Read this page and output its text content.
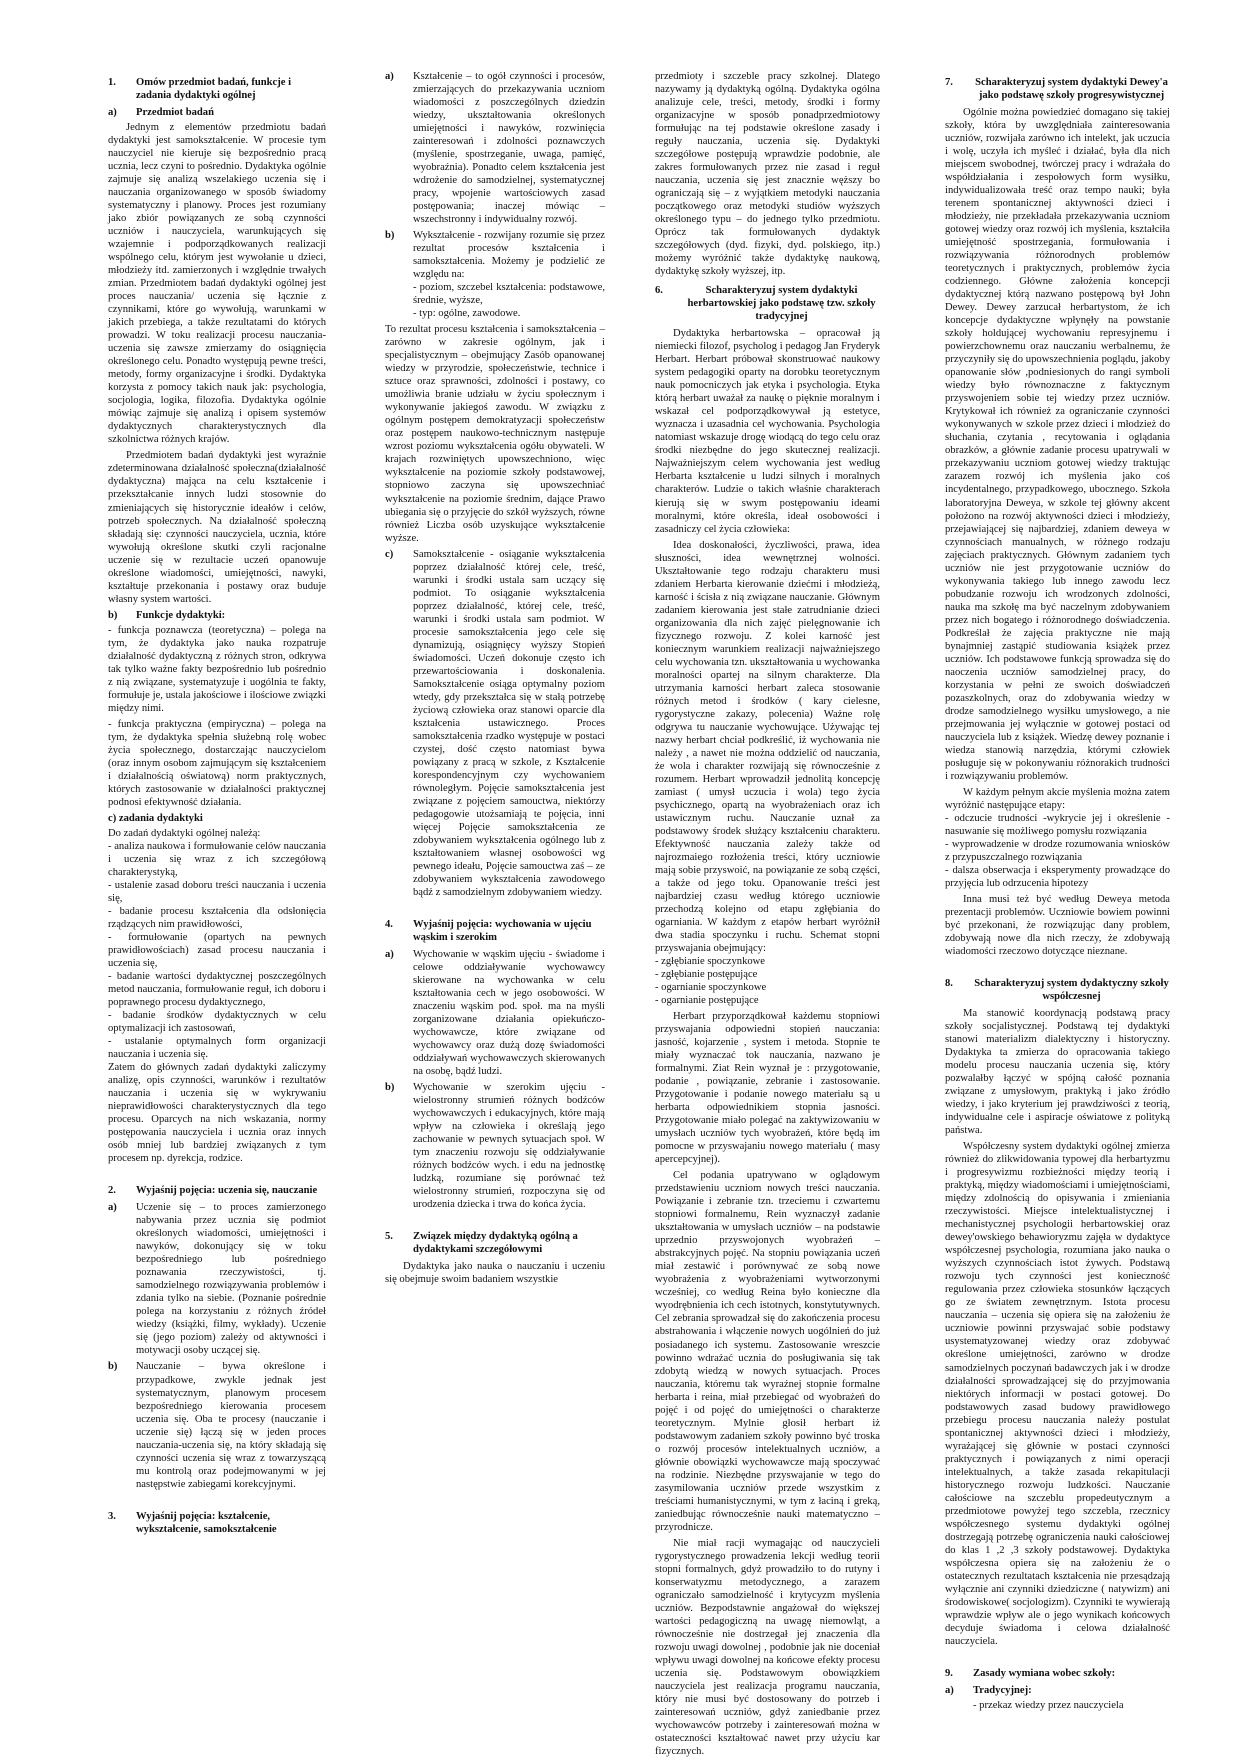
1.	Omów przedmiot badań, funkcje i zadania dydaktyki ogólnej
a)	Przedmiot badań

Jednym z elementów przedmiotu badań dydaktyki jest samokształcenie. W procesie tym nauczyciel nie kieruje się bezpośrednio pracą ucznia, lecz czyni to pośrednio. Dydaktyka ogólnie zajmuje się analizą wszelakiego uczenia się i nauczania organizowanego w sposób świadomy systematyczny i planowy. Proces jest rozumiany jako zbiór powiązanych ze sobą czynności uczniów i nauczyciela, warunkujących się wzajemnie i podporządkowanych realizacji wspólnego celu, którym jest wywołanie u dzieci, młodzieży itd. zamierzonych i względnie trwałych zmian. Przedmiotem badań dydaktyki ogólnej jest proces nauczania/ uczenia się łącznie z czynnikami, które go wywołują, warunkami w jakich przebiega, a także rezultatami do których prowadzi. W toku realizacji procesu nauczania- uczenia się zawsze zmierzamy do osiągnięcia określonego celu. Ponadto występują pewne treści, metody, formy organizacyjne i środki. Dydaktyka korzysta z pomocy takich nauk jak: psychologia, socjologia, logika, filozofia. Dydaktyka ogólnie mówiąc zajmuje się analizą i opisem systemów dydaktycznych charakterystycznych dla szkolnictwa różnych krajów.

Przedmiotem badań dydaktyki jest wyraźnie zdeterminowana działalność społeczna(działalność dydaktyczna) mająca na celu kształcenie i przekształcanie innych ludzi stosownie do zmieniających się historycznie ideałów i celów, potrzeb społecznych. Na działalność społeczną składają się: czynności nauczyciela, ucznia, które wywołują określone skutki czyli racjonalne uczenie się w rezultacie uczeń opanowuje określone wiadomości, umiejętności, nawyki, kształtuje przekonania i postawy oraz buduje własny system wartości.

b)	Funkcje dydaktyki:

- funkcja poznawcza (teoretyczna) – polega na tym, że dydaktyka jako nauka rozpatruje działalność dydaktyczną z różnych stron, odkrywa tak tylko ważne fakty bezpośrednio lub pośrednio z nią związane, systematyzuje i uogólnia te fakty, formułuje je, ustala jakościowe i ilościowe związki między nimi.

- funkcja praktyczna (empiryczna) – polega na tym, że dydaktyka spełnia służebną rolę wobec życia społecznego, dostarczając nauczycielom (oraz innym osobom zajmującym się kształceniem i działalnością oświatową) norm praktycznych, których zastosowanie w działalności praktycznej podnosi efektywność działania.

c) zadania dydaktyki

Do zadań dydaktyki ogólnej należą:
- analiza naukowa i formułowanie celów nauczania i uczenia się wraz z ich szczegółową charakterystyką,
- ustalenie zasad doboru treści nauczania i uczenia się,
- badanie procesu kształcenia dla odsłonięcia rządzących nim prawidłowości,
- formułowanie (opartych na pewnych prawidłowościach) zasad procesu nauczania i uczenia się,
- badanie wartości dydaktycznej poszczególnych metod nauczania, formułowanie reguł, ich doboru i poprawnego procesu dydaktycznego,
- badanie środków dydaktycznych w celu optymalizacji ich zastosowań,
- ustalanie optymalnych form organizacji nauczania i uczenia się.
Zatem do głównych zadań dydaktyki zaliczymy analizę, opis czynności, warunków i rezultatów nauczania i uczenia się w wykrywaniu nieprawidłowości charakterystycznych dla tego procesu. Oparcych na nich wskazania, normy postępowania nauczyciela i ucznia oraz innych osób mniej lub bardziej związanych z tym procesem np. dyrekcja, rodzice.

2.	Wyjaśnij pojęcia: uczenia się, nauczanie
a)	Uczenie się – to proces zamierzonego nabywania przez ucznia się podmiot określonych wiadomości, umiejętności i nawyków, dokonujący się w toku bezpośredniego lub pośredniego poznawania rzeczywistości, tj. samodzielnego rozwiązywania problemów i zdania tylko na siebie. (Poznanie pośrednie polega na korzystaniu z różnych źródeł wiedzy (książki, filmy, wykłady). Uczenie się (jego poziom) zależy od aktywności i motywacji osoby uczącej się.
b)	Nauczanie – bywa określone i przypadkowe, zwykle jednak jest systematycznym, planowym procesem bezpośredniego kierowania procesem uczenia się. Oba te procesy (nauczanie i uczenie się) łączą się w jeden proces nauczania-uczenia się, na który składają się czynności uczenia się wraz z towarzyszącą mu kontrolą oraz podejmowanymi w jej następstwie zabiegami korekcyjnymi.
3.	Wyjaśnij pojęcia: kształcenie, wykształcenie, samokształcenie
a)	Kształcenie – to ogół czynności i procesów, zmierzających do przekazywania uczniom wiadomości z poszczególnych dziedzin wiedzy, ukształtowania określonych umiejętności i nawyków, rozwinięcia zainteresowań i zdolności poznawczych (myślenie, spostrzeganie, uwaga, pamięć, wyobraźnia). Ponadto celem kształcenia jest wdrożenie do samodzielnej, systematycznej pracy, wpojenie wartościowych zasad postępowania; inaczej mówiąc – wszechstronny i indywidualny rozwój.
b)	Wykształcenie - rozwijany rozumie się przez rezultat procesów kształcenia i samokształcenia. Możemy je podzielić ze względu na:
- poziom, szczebel kształcenia: podstawowe, średnie, wyższe,
- typ: ogólne, zawodowe.

To rezultat procesu kształcenia i samokształcenia – zarówno w zakresie ogólnym, jak i specjalistycznym – obejmujący Zasób opanowanej wiedzy w przyrodzie, społeczeństwie, technice i sztuce oraz sprawności, zdolności i postawy, co umożliwia branie udziału w życiu społecznym i wykonywanie jakiegoś zawodu. W związku z ogólnym postępem demokratyzacji społeczeństw oraz postępem naukowo-technicznym następuje wzrost poziomu wykształcenia ogółu obywateli. W krajach rozwiniętych upowszechniono, więc wykształcenie na poziomie szkoły podstawowej, stopniowo zaczyna się upowszechniać wykształcenie na poziomie średnim, dające Prawo ubiegania się o przyjęcie do szkół wyższych, równe również Liczba osób uzyskujące wykształcenie wyższe.

c)	Samokształcenie - osiąganie wykształcenia poprzez działalność której cele, treść, warunki i środki ustala sam uczący się podmiot. To osiąganie wykształcenia poprzez działalność, której cele, treść, warunki i środki ustala sam podmiot. W procesie samokształcenia jego cele się dynamizują, osiągnięcy wyższy Stopień świadomości. Uczeń dokonuje często ich przewartościowania i doskonalenia. Samokształcenie osiąga optymalny poziom wtedy, gdy przekształca się w stałą potrzebę życiową człowieka oraz stanowi oparcie dla kształcenia ustawicznego. Proces samokształcenia rzadko występuje w postaci czystej, dość często natomiast bywa powiązany z pracą w szkole, z Kształcenie korespondencyjnym czy wychowaniem równoległym. Pojęcie samokształcenia jest związane z pojęciem samouctwa, niektórzy pedagogowie utożsamiają te pojęcia, inni więcej Pojęcie samokształcenia ze zdobywaniem wykształcenia ogólnego lub z kształtowaniem własnej osobowości wg pewnego ideału, Pojęcie samouctwa zaś – ze zdobywaniem wykształcenia zawodowego bądź z samodzielnym zdobywaniem wiedzy.
4.	Wyjaśnij pojęcia: wychowania w ujęciu wąskim i szerokim
a)	Wychowanie w wąskim ujęciu - świadome i celowe oddziaływanie wychowawcy skierowane na wychowanka w celu kształtowania cech w jego osobowości. W znaczeniu wąskim pod. społ. ma na myśli zorganizowane działania opiekuńczo-wychowawcze, które związane od wychowawcy oraz dużą dozę świadomości oddziaływań wychowawczych skierowanych na osobę, bądź ludzi.
b)	Wychowanie w szerokim ujęciu - wielostronny strumień różnych bodźców wychowawczych i edukacyjnych, które mają wpływ na człowieka i określają jego zachowanie w pewnych sytuacjach społ. W tym znaczeniu rozwoju się oddziaływanie różnych bodźców wych. i edu na jednostkę ludzką, rozumiane się porównać też wielostronny strumień, rozpoczyna się od urodzenia dziecka i trwa do końca życia.
5.	Związek między dydaktyką ogólną a dydaktykami szczegółowymi

Dydaktyka jako nauka o nauczaniu i uczeniu się obejmuje swoim badaniem wszystkie

przedmioty i szczeble pracy szkolnej. Dlatego nazywamy ją dydaktyką ogólną. Dydaktyka ogólna analizuje cele, treści, metody, środki i formy organizacyjne w sposób ponadprzedmiotowy formułując na tej podstawie określone zasady i reguły nauczania, uczenia się. Dydaktyki szczegółowe postępują wprawdzie podobnie, ale zakres formułowanych przez nie zasad i reguł nauczania, uczenia się jest znacznie węższy bo ograniczają się – z wyjątkiem metodyki nauczania początkowego oraz metodyki studiów wyższych określonego typu – do jednego tylko przedmiotu. Oprócz tak formułowanych dydaktyk szczegółowych (dyd. fizyki, dyd. polskiego, itp.) możemy wyróżnić także dydaktykę naukową, dydaktykę szkoły wyższej, itp.

6.	Scharakteryzuj system dydaktyki herbartowskiej jako podstawę tzw. szkoły tradycyjnej

Dydaktyka herbartowska – opracował ją niemiecki filozof, psycholog i pedagog Jan Fryderyk Herbart. Herbart próbował skonstruować naukowy system pedagogiki oparty na dorobku teoretycznym nauk pomocniczych jak etyka i psychologia. Etyka którą herbart uważał za naukę o pięknie moralnym i wskazał cel podporządkowywał ją estetyce, wyznacza i uzasadnia cel wychowania. Psychologia natomiast wskazuje drogę wiodącą do tego celu oraz środki niezbędne do jego skutecznej realizacji. Najważniejszym celem wychowania jest według Herbarta kształcenie u ludzi silnych i moralnych charakterów. Ludzie o takich właśnie charakterach kierują się w swym postępowaniu ideami moralnymi, które określa, ideał osobowości i zasadniczy cel życia człowieka:

Idea doskonałości, życzliwości, prawa, idea słuszności, idea wewnętrznej wolności. Ukształtowanie tego rodzaju charakteru musi zdaniem Herbarta kierowanie dziećmi i młodzieżą, karność i ścisła z nią związane nauczanie. Głównym zadaniem kierowania jest stałe zatrudnianie dzieci organizowania dla nich zajęć pielęgnowanie ich fizycznego rozwoju. Z kolei karność jest koniecznym warunkiem realizacji najważniejszego celu wychowania tzn. ukształtowania u wychowanka moralności opartej na silnym charakterze. Dla utrzymania karności herbart zaleca stosowanie różnych metod i środków ( kary cielesne, rygorystyczne zakazy, polecenia) Ważne rolę odgrywa tu nauczanie wychowujące. Używając tej nazwy herbart chciał podkreślić, iż wychowania nie należy , a nawet nie można oddzielić od nauczania, że wola i charakter rozwijają się równocześnie z rozumem. Herbart wprowadził jednolitą koncepcję zamiast ( umysł uczucia i wola) tego życia psychicznego, opartą na wyobrażeniach oraz ich ustawicznym ruchu. Nauczanie uznał za podstawowy środek służący kształceniu charakteru. Efektywność nauczania zależy także od najrozmaiego rozłożenia treści, który uczniowie mają sobie przyswoić, na powiązanie ze sobą części, a także od jego toku. Opanowanie treści jest najbardziej czasu według którego uczniowie przechodzą kolejno od etapu zgłębiania do ogarniania. W każdym z etapów herbart wyróżnił dwa stadia spoczynku i ruchu. Schemat stopni przyswajania obejmujący:
- zgłębianie spoczynkowe
- zgłębianie postępujące
- ogarnianie spoczynkowe
- ogarnianie postępujące

Herbart przyporządkował każdemu stopniowi przyswajania odpowiedni stopień nauczania: jasność, kojarzenie , system i metoda. Stopnie te miały wyznaczać tok nauczania, nazwano je formalnymi. Ziat Rein wyznał je : przygotowanie, podanie , powiązanie, zebranie i zastosowanie. Przygotowanie i podanie nowego materiału są u herbarta odpowiednikiem stopnia jasności. Przygotowanie miało polegać na zaktywizowaniu w umysłach uczniów tych wyobrażeń, które będą im pomocne w przyswajaniu nowego materiału ( masy apercepcyjnej).

Cel podania upatrywano w oglądowym przedstawieniu uczniom nowych treści nauczania. Powiązanie i zebranie tzn. trzeciemu i czwartemu stopniowi formalnemu, Rein wyznaczył zadanie ukształtowania w umysłach uczniów – na podstawie uprzednio przyswojonych wyobrażeń – abstrakcyjnych pojęć. Na stopniu powiązania uczeń miał zestawić i porównywać ze sobą nowe wyobrażenia z wyobrażeniami wytworzonymi wcześniej, co według Reina było konieczne dla wyodrębnienia ich cech istotnych, konstytutywnych. Cel zebrania sprowadzał się do zakończenia procesu abstrahowania i włączenie nowych uogólnień do już posiadanego ich systemu. Zastosowanie wreszcie powinno wdrażać ucznia do posługiwania się tak zdobytą wiedzą w nowych sytuacjach. Proces nauczania, któremu tak wyraźnej stopnie formalne herbarta i reina, miał przebiegać od wyobrażeń do pojęć i od pojęć do umiejętności o charakterze teoretycznym. Mylnie głosił herbart iż podstawowym zadaniem szkoły powinno być troska o rozwój procesów intelektualnych uczniów, a głównie obowiązki wychowawcze mają spoczywać na rodzinie. Niezbędne przyswajanie w tego do zasymilowania uczniów przede wszystkim z treściami humanistycznymi, w tym z łaciną i greką, zaniedbując równocześnie nauki matematyczno – przyrodnicze.

Nie miał racji wymagając od nauczycieli rygorystycznego prowadzenia lekcji według teorii stopni formalnych, gdyż prowadziło to do rutyny i konserwatyzmu metodycznego, a zarazem ograniczało samodzielność i krytycyzm myślenia uczniów. Bezpodstawnie angażował do większej wartości pedagogiczną na uwagę niemowląt, a równocześnie nie dostrzegał jej znaczenia dla rozwoju uwagi dowolnej , podobnie jak nie doceniał wpływu uwagi dowolnej na końcowe efekty procesu uczenia się. Podstawowym obowiązkiem nauczyciela jest realizacja programu nauczania, który nie musi być dostosowany do potrzeb i zainteresowań uczniów, gdyż zaniedbanie przez wychowawców potrzeby i zainteresowań można w ostateczności kształtować nawet przy użyciu kar fizycznych.

7.	Scharakteryzuj system dydaktyki Dewey'a jako podstawę szkoły progresywistycznej

Ogólnie można powiedzieć domagano się takiej szkoły, która by uwzględniała zainteresowania uczniów, rozwijała zarówno ich intelekt, jak uczucia i wolę, uczyła ich myśleć i działać, była dla nich miejscem swobodnej, twórczej pracy i wdrażała do współdziałania i zespołowych form wysiłku, indywidualizowała treść oraz tempo nauki; była terenem spontanicznej aktywności dzieci i młodzieży, nie przekładała przekazywania uczniom gotowej wiedzy oraz rozwój ich myślenia, kształciła umiejętność spostrzegania, formułowania i rozwiązywania różnorodnych problemów teoretycznych i praktycznych, problemów życia codziennego. Główne założenia koncepcji dydaktycznej którą nazwano postępową był John Dewey. Dewey zarzucał herbartystom, że ich koncepcje dydaktyczne wpłynęły na powstanie szkoły holdującej wychowaniu represyjnemu i powierzchownemu oraz nauczaniu werbalnemu, że przyczyniły się do upowszechnienia poglądu, jakoby opanowanie słów ,podniesionych do rangi symboli wiedzy było równoznaczne z faktycznym przyswojeniem sobie tej wiedzy przez uczniów. Krytykował ich również za ograniczanie czynności wykonywanych w szkole przez dzieci i młodzież do słuchania, czytania , recytowania i oglądania obrazków, a głównie zadanie procesu upatrywali w przekazywaniu uczniom gotowej wiedzy traktując zarazem rozwój ich myślenia jako coś incydentalnego, przypadkowego, ubocznego. Szkoła laboratoryjna Deweya, w szkole tej główny akcent położono na rozwój aktywności dzieci i młodzieży, przejawiającej się najbardziej, zdaniem deweya w czynnościach manualnych, w różnego rodzaju zajęciach praktycznych. Głównym zadaniem tych uczniów nie jest przygotowanie uczniów do wykonywania takiego lub innego zawodu lecz pobudzanie rozwoju ich wrodzonych zdolności, nauka ma szkołę ma być naczelnym zdobywaniem przez nich bogatego i różnorodnego doświadczenia. Podkreślał że zajęcia praktyczne nie mają bynajmniej zastąpić studiowania książek przez uczniów. Ich podstawowe funkcją sprowadza się do naoczenia uczniów samodzielnej pracy, do korzystania w pełni ze swoich doświadczeń pozaszkolnych, oraz do zdobywania wiedzy w drodze samodzielnego wysiłku umysłowego, a nie przejmowania jej wyłącznie w gotowej postaci od nauczyciela lub z książek. Wiedzę dewey poznanie i wiedza stanowią narzędzia, którymi człowiek posługuje się w pokonywaniu różnorakich trudności i rozwiązywaniu problemów.

W każdym pełnym akcie myślenia można zatem wyróżnić następujące etapy:
- odczucie trudności -wykrycie jej i określenie -nasuwanie się możliwego pomysłu rozwiązania
- wyprowadzenie w drodze rozumowania wniosków z przypuszczalnego rozwiązania
- dalsza obserwacja i eksperymenty prowadzące do przyjęcia lub odrzucenia hipotezy

Inna musi też być według Deweya metoda prezentacji problemów. Uczniowie bowiem powinni być przekonani, że rozwiązując dany problem, zdobywają nowe dla nich rzeczy, że zdobywają wiadomości rzeczowo dotyczące nieznane.

8.	Scharakteryzuj system dydaktyczny szkoły współczesnej

Ma stanowić koordynacją podstawą pracy szkoły socjalistycznej. Podstawą tej dydaktyki stanowi materializm dialektyczny i historyczny. Dydaktyka ta zmierza do opracowania takiego modelu procesu nauczania uczenia się, który pozwalałby łączyć w spójną całość poznania związane z umysłowym, praktyką i jako źródło wiedzy, i jako kryterium jej prawdziwości z teorią, indywidualne cele i aspiracje oświatowe z polityką państwa.

Współczesny system dydaktyki ogólnej zmierza również do zlikwidowania typowej dla herbartyzmu i progresywizmu rozbieżności między teorią i praktyką, między wiadomościami i umiejętnościami, między zdolnością do opisywania i zmieniania rzeczywistości. Miejsce intelektualistycznej i mechanistycznej psychologii herbartowskiej oraz dewey'owskiego behawioryzmu zajęła w dydaktyce współczesnej psychologia, rozumiana jako nauka o wyższych czynnościach istot żywych. Podstawą rozwoju tych czynności jest konieczność regulowania przez człowieka stosunków łączących go ze światem zewnętrznym. Istota procesu nauczania – uczenia się opiera się na założeniu że uczniowie powinni przyswajać sobie podstawy usystematyzowanej wiedzy oraz zdobywać określone umiejętności, zarówno w drodze samodzielnych poczynań badawczych jak i w drodze działalności sprowadzającej się do przyjmowania niektórych informacji w postaci gotowej. Do podstawowych zasad budowy prawidłowego przebiegu procesu nauczania należy postulat spontanicznej aktywności dzieci i młodzieży, wyrażającej się głównie w postaci czynności praktycznych i powiązanych z nimi operacji intelektualnych, a także zasada rekapitulacji historycznego rozwoju ludzkości. Nauczanie całościowe na szczeblu propedeutycznym a przedmiotowe powyżej tego szczebla, rzecznicy współczesnego systemu dydaktyki ogólnej dostrzegają potrzebę ograniczenia nauki całościowej do klas 1 ,2 ,3 szkoły podstawowej. Dydaktyka współczesna opiera się na założeniu że o ostatecznych rezultatach kształcenia nie przesądzają wyłącznie ani czynniki dziedziczne ( natywizm) ani środowiskowe( socjologizm). Czynniki te wywierają wprawdzie wpływ ale o jego wynikach końcowych decyduje świadoma i celowa działalność nauczyciela.

9.	Zasady wymiana wobec szkoły:
a)	Tradycyjnej:

- przekaz wiedzy przez nauczyciela
